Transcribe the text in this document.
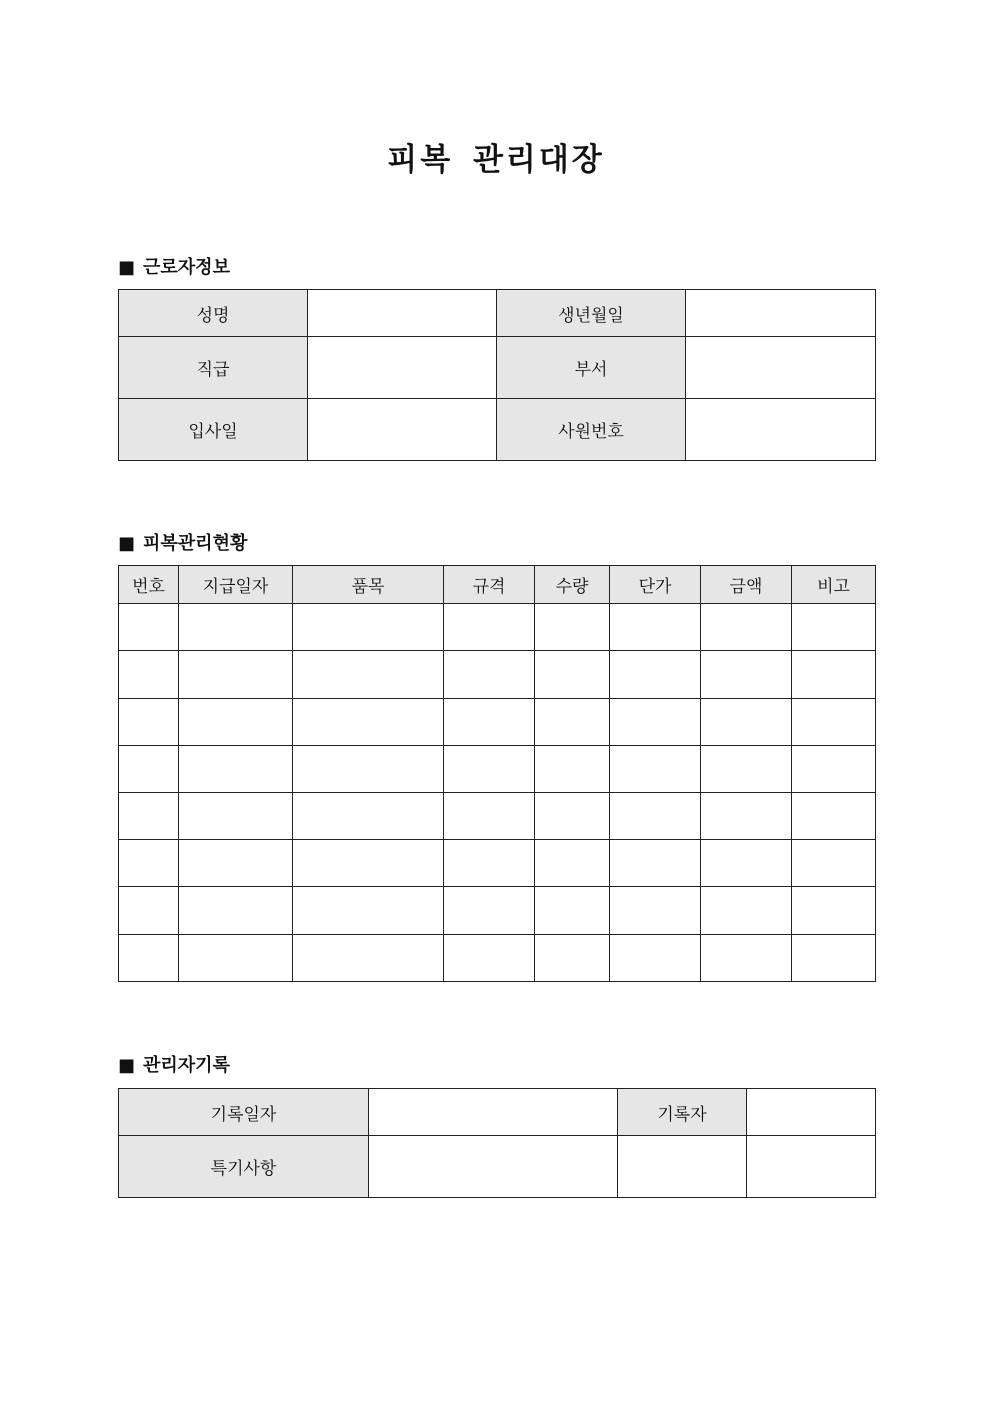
피복 관리대장
■ 근로자정보
성명		생년월일	
직급		부서	
입사일		사원번호	
■ 피복관리현황
번호	지급일자	품목	규격	수량	단가	금액	비고

■ 관리자기록
기록일자		기록자	
특기사항			
